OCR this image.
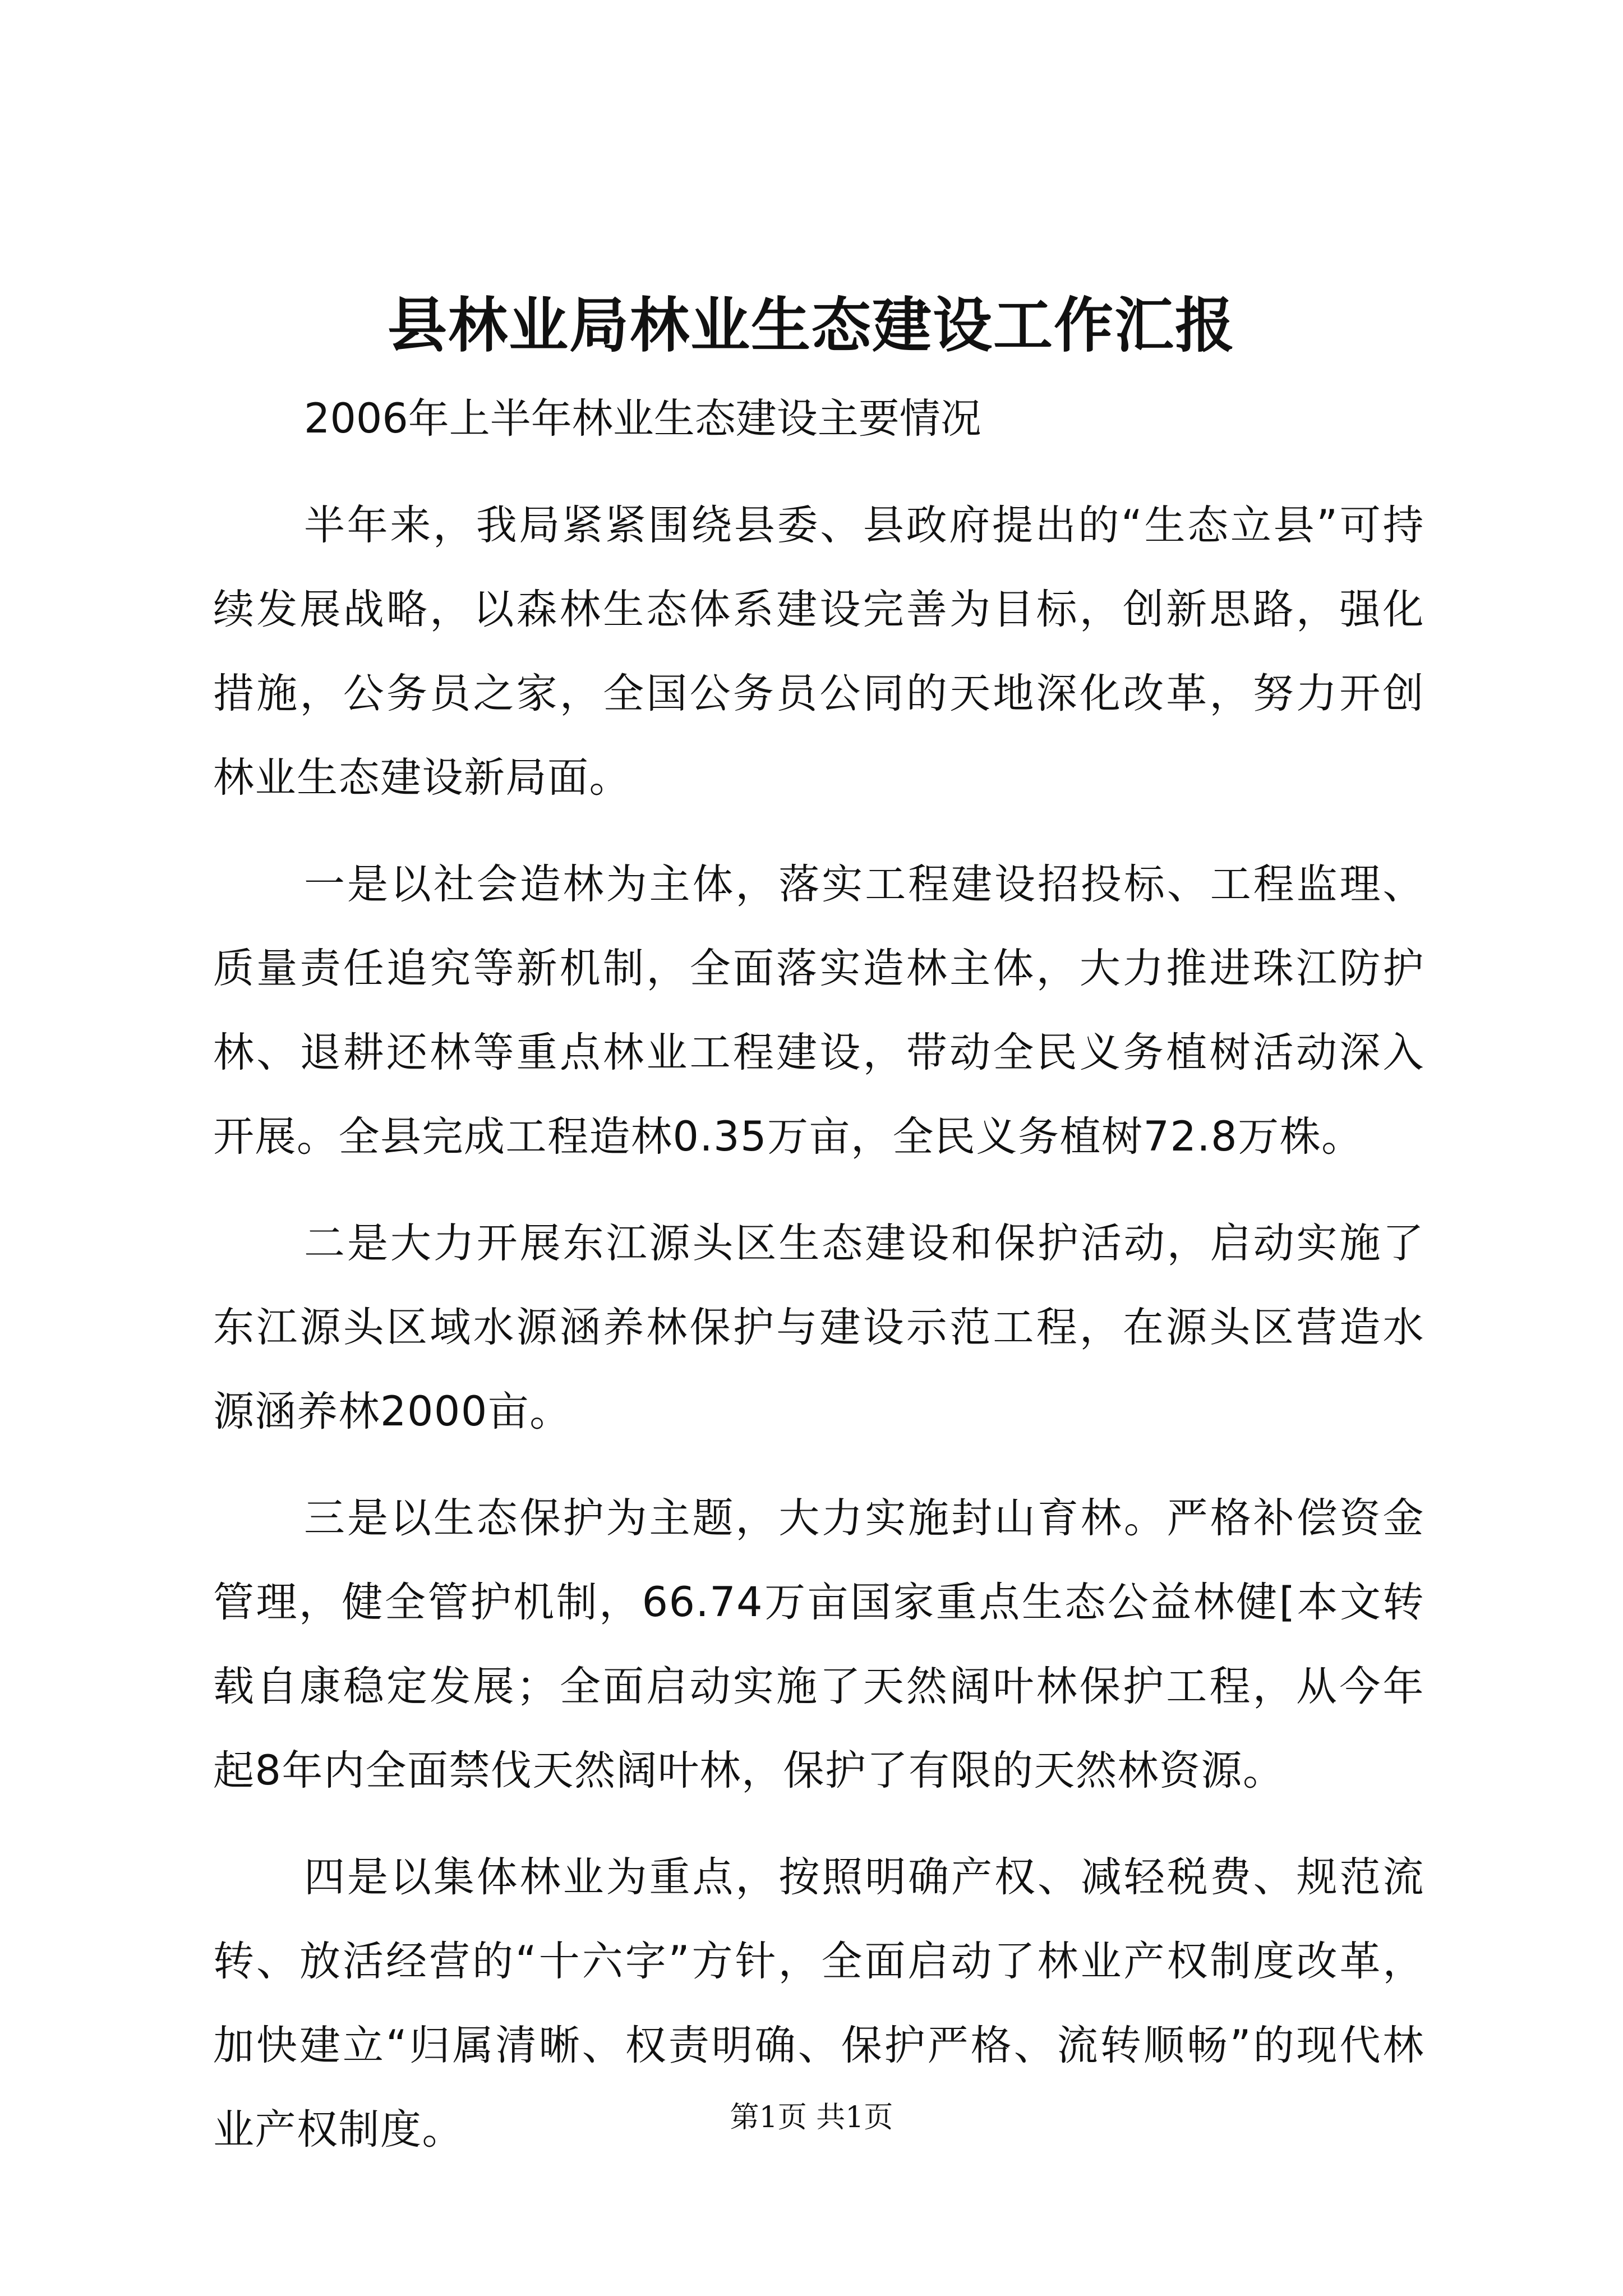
县林业局林业生态建设工作汇报

2006年上半年林业生态建设主要情况

半年来，我局紧紧围绕县委、县政府提出的“生态立县”可持续发展战略，以森林生态体系建设完善为目标，创新思路，强化措施，公务员之家，全国公务员公同的天地深化改革，努力开创林业生态建设新局面。

一是以社会造林为主体，落实工程建设招投标、工程监理、质量责任追究等新机制，全面落实造林主体，大力推进珠江防护林、退耕还林等重点林业工程建设，带动全民义务植树活动深入开展。全县完成工程造林0.35万亩，全民义务植树72.8万株。

二是大力开展东江源头区生态建设和保护活动，启动实施了东江源头区域水源涵养林保护与建设示范工程，在源头区营造水源涵养林2000亩。

三是以生态保护为主题，大力实施封山育林。严格补偿资金管理，健全管护机制，66.74万亩国家重点生态公益林健[本文转载自康稳定发展；全面启动实施了天然阔叶林保护工程，从今年起8年内全面禁伐天然阔叶林，保护了有限的天然林资源。

四是以集体林业为重点，按照明确产权、减轻税费、规范流转、放活经营的“十六字”方针，全面启动了林业产权制度改革，加快建立“归属清晰、权责明确、保护严格、流转顺畅”的现代林业产权制度。	第1页 共1页
